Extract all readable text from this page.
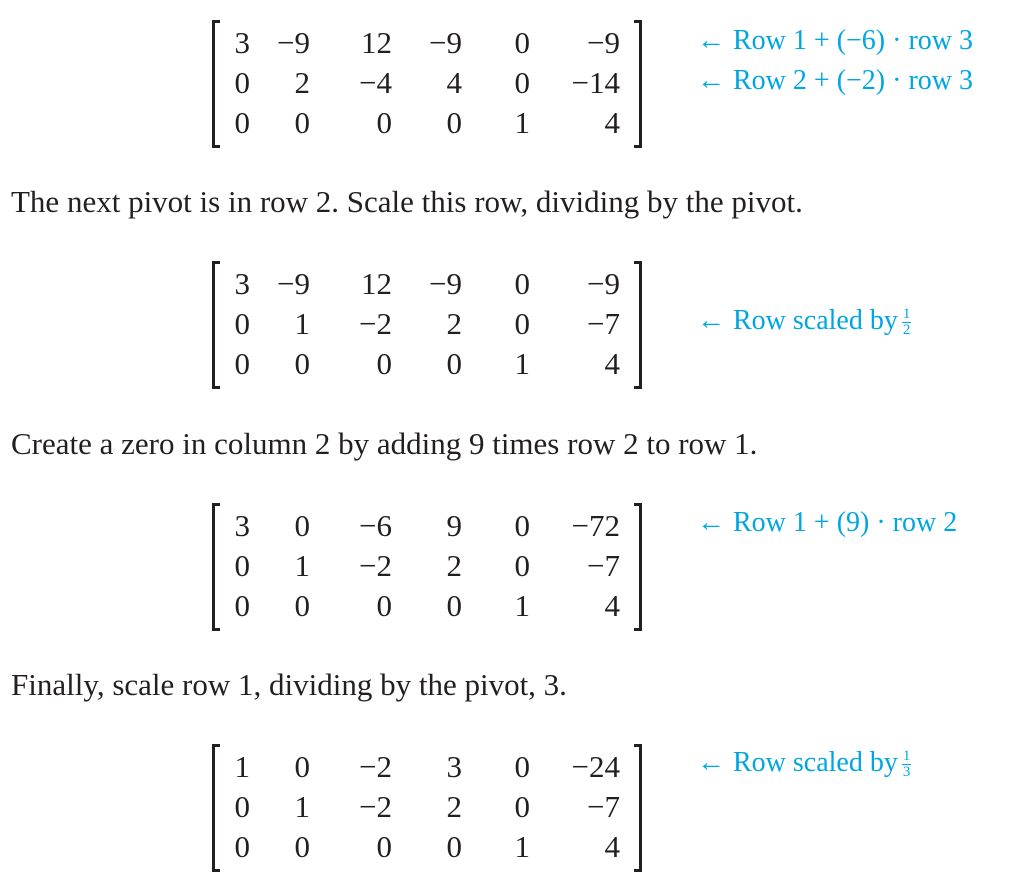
3 −9 12 −9 0 −9
0 2 −4 4 0 −14
0 0 0 0 1 4
← Row 1 + (−6) · row 3
← Row 2 + (−2) · row 3
The next pivot is in row 2. Scale this row, dividing by the pivot.
3 −9 12 −9 0 −9
0 1 −2 2 0 −7
0 0 0 0 1 4
← Row scaled by $\frac{1}{2}$
Create a zero in column 2 by adding 9 times row 2 to row 1.
3 0 −6 9 0 −72
0 1 −2 2 0 −7
0 0 0 0 1 4
← Row 1 + (9) · row 2
Finally, scale row 1, dividing by the pivot, 3.
1 0 −2 3 0 −24
0 1 −2 2 0 −7
0 0 0 0 1 4
← Row scaled by $\frac{1}{3}$
